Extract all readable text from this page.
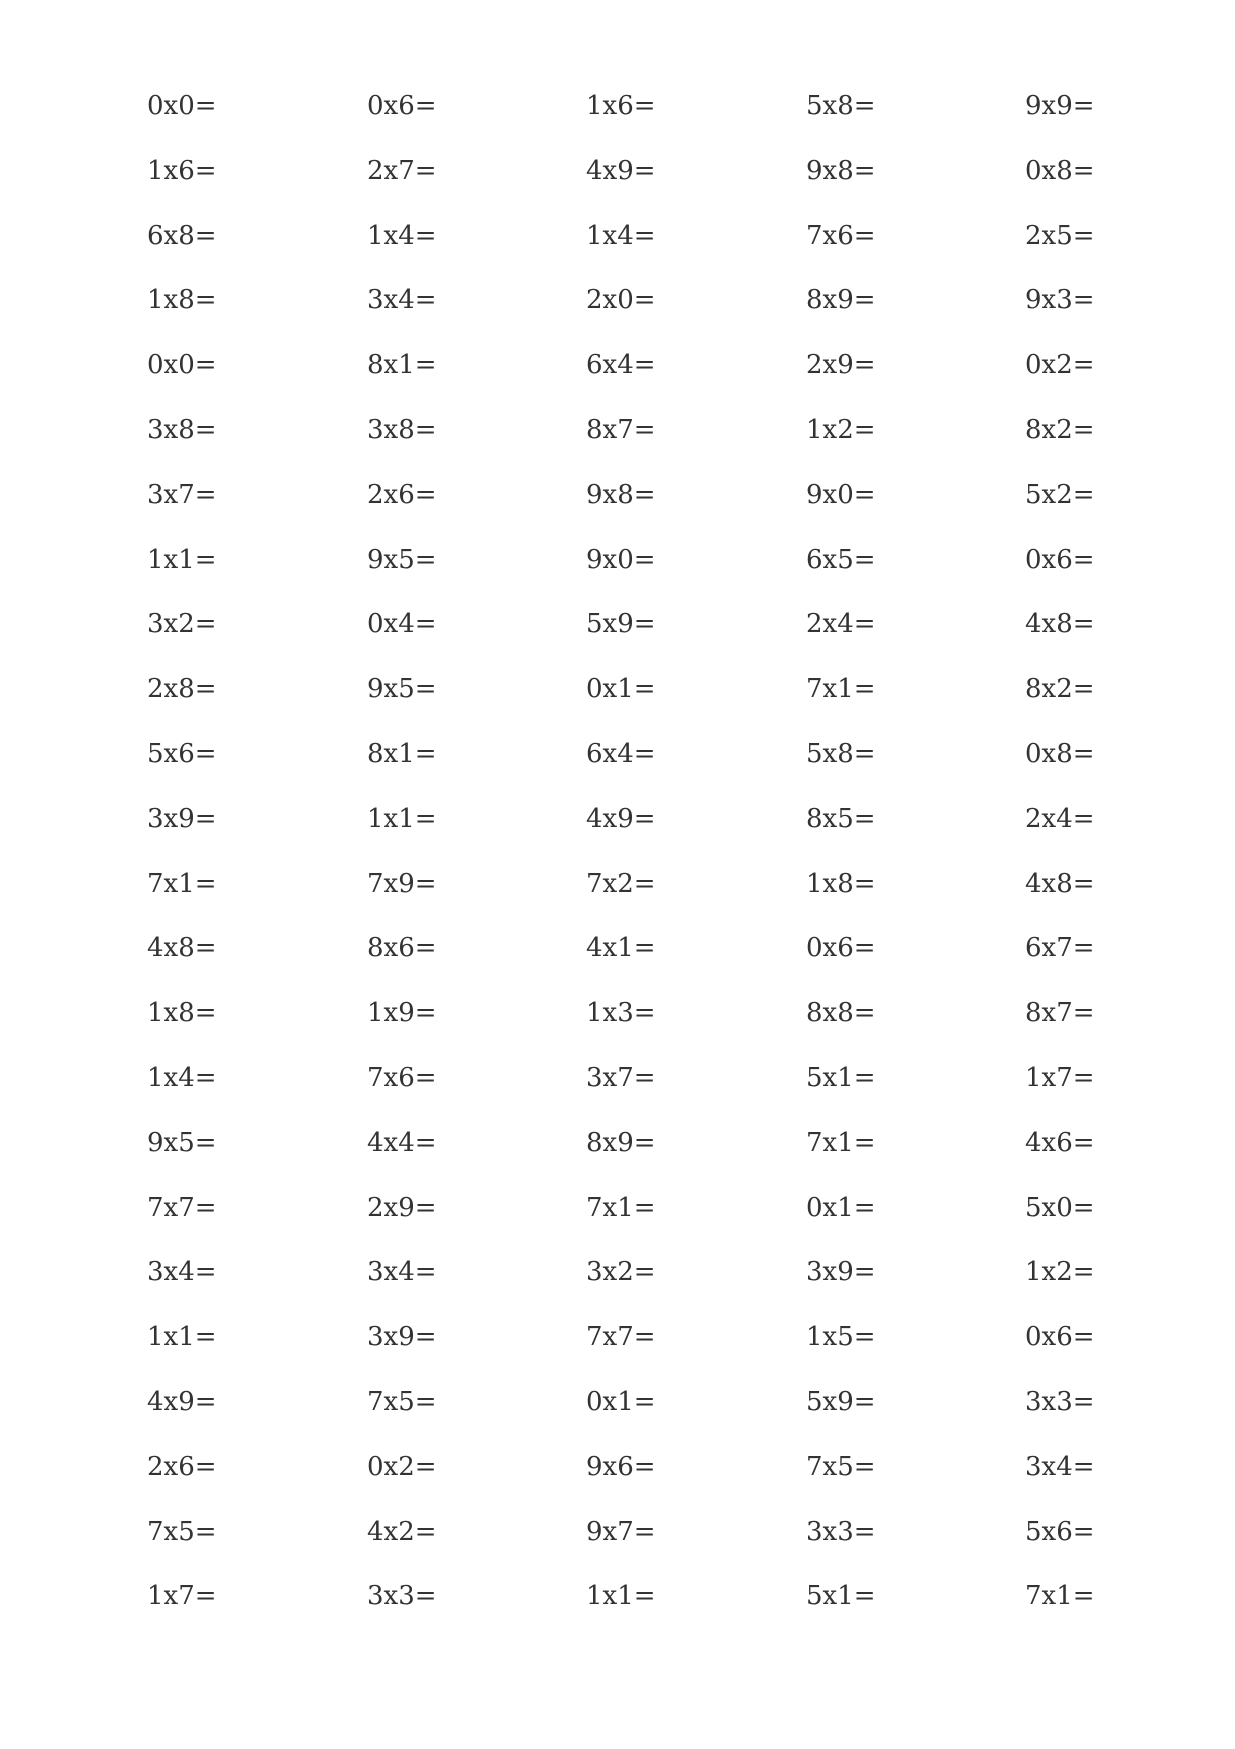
0x0=	0x6=	1x6=	5x8=	9x9=
1x6=	2x7=	4x9=	9x8=	0x8=
6x8=	1x4=	1x4=	7x6=	2x5=
1x8=	3x4=	2x0=	8x9=	9x3=
0x0=	8x1=	6x4=	2x9=	0x2=
3x8=	3x8=	8x7=	1x2=	8x2=
3x7=	2x6=	9x8=	9x0=	5x2=
1x1=	9x5=	9x0=	6x5=	0x6=
3x2=	0x4=	5x9=	2x4=	4x8=
2x8=	9x5=	0x1=	7x1=	8x2=
5x6=	8x1=	6x4=	5x8=	0x8=
3x9=	1x1=	4x9=	8x5=	2x4=
7x1=	7x9=	7x2=	1x8=	4x8=
4x8=	8x6=	4x1=	0x6=	6x7=
1x8=	1x9=	1x3=	8x8=	8x7=
1x4=	7x6=	3x7=	5x1=	1x7=
9x5=	4x4=	8x9=	7x1=	4x6=
7x7=	2x9=	7x1=	0x1=	5x0=
3x4=	3x4=	3x2=	3x9=	1x2=
1x1=	3x9=	7x7=	1x5=	0x6=
4x9=	7x5=	0x1=	5x9=	3x3=
2x6=	0x2=	9x6=	7x5=	3x4=
7x5=	4x2=	9x7=	3x3=	5x6=
1x7=	3x3=	1x1=	5x1=	7x1=
